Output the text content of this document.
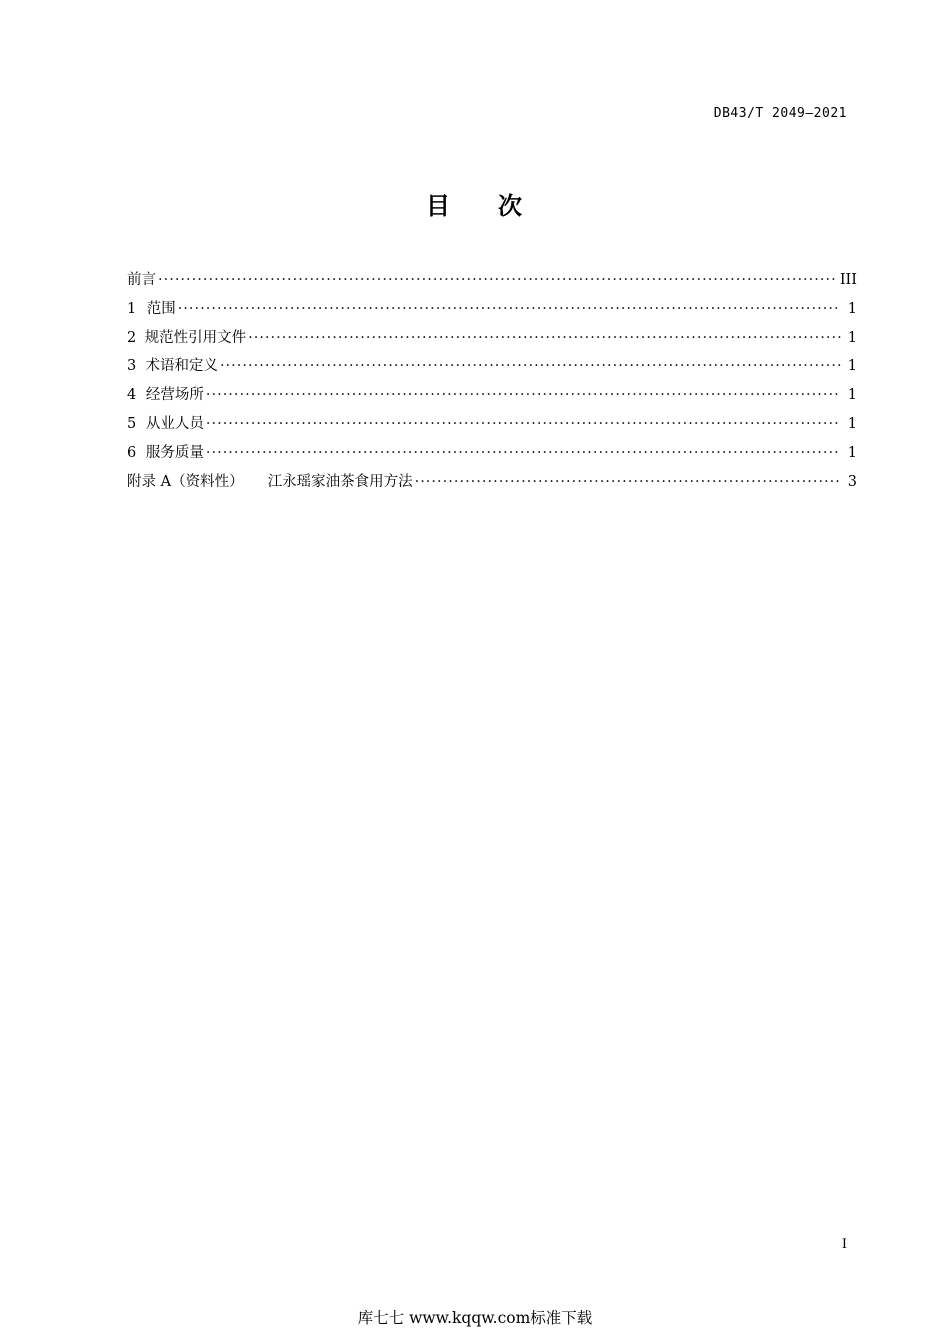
DB43/T 2049—2021
目 次
前言 ·····	III
1 范围 ·····	1
2 规范性引用文件 ·····	1
3 术语和定义 ·····	1
4 经营场所 ·····	1
5 从业人员 ·····	1
6 服务质量 ·····	1
附录 A（资料性） 江永瑶家油茶食用方法 ·····	3
I
库七七 www.kqqw.com标准下载
